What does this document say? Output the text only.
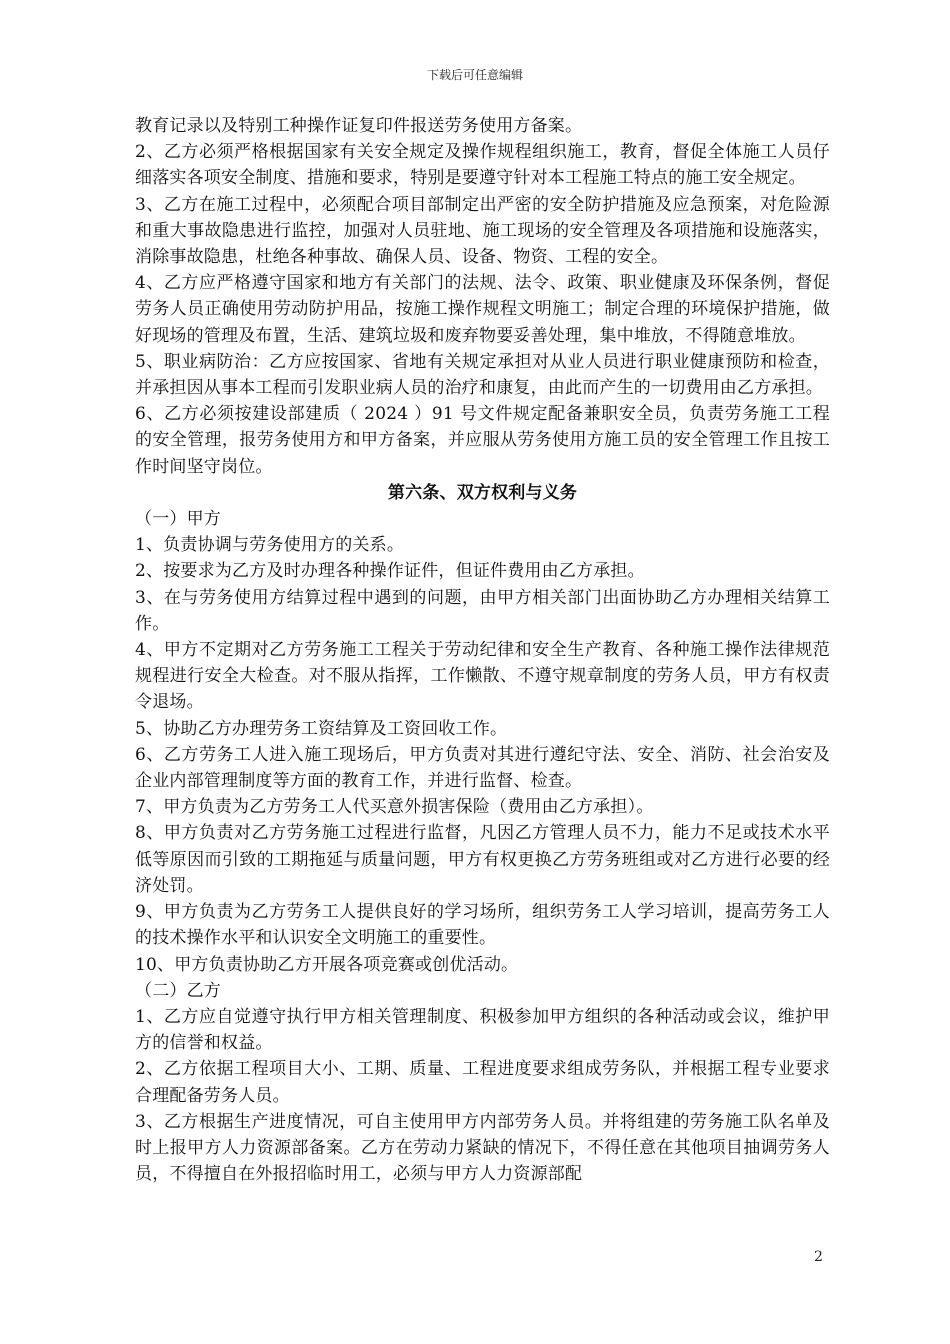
下载后可任意编辑

教育记录以及特别工种操作证复印件报送劳务使用方备案。

2、乙方必须严格根据国家有关安全规定及操作规程组织施工，教育，督促全体施工人员仔细落实各项安全制度、措施和要求，特别是要遵守针对本工程施工特点的施工安全规定。

3、乙方在施工过程中，必须配合项目部制定出严密的安全防护措施及应急预案，对危险源和重大事故隐患进行监控，加强对人员驻地、施工现场的安全管理及各项措施和设施落实，消除事故隐患，杜绝各种事故、确保人员、设备、物资、工程的安全。

4、乙方应严格遵守国家和地方有关部门的法规、法令、政策、职业健康及环保条例，督促劳务人员正确使用劳动防护用品，按施工操作规程文明施工；制定合理的环境保护措施，做好现场的管理及布置，生活、建筑垃圾和废弃物要妥善处理，集中堆放，不得随意堆放。

5、职业病防治：乙方应按国家、省地有关规定承担对从业人员进行职业健康预防和检查，并承担因从事本工程而引发职业病人员的治疗和康复，由此而产生的一切费用由乙方承担。

6、乙方必须按建设部建质（ 2024 ）91 号文件规定配备兼职安全员，负责劳务施工工程的安全管理，报劳务使用方和甲方备案，并应服从劳务使用方施工员的安全管理工作且按工作时间坚守岗位。

第六条、双方权利与义务

（一）甲方

1、负责协调与劳务使用方的关系。

2、按要求为乙方及时办理各种操作证件，但证件费用由乙方承担。

3、在与劳务使用方结算过程中遇到的问题，由甲方相关部门出面协助乙方办理相关结算工作。

4、甲方不定期对乙方劳务施工工程关于劳动纪律和安全生产教育、各种施工操作法律规范规程进行安全大检查。对不服从指挥，工作懒散、不遵守规章制度的劳务人员，甲方有权责令退场。

5、协助乙方办理劳务工资结算及工资回收工作。

6、乙方劳务工人进入施工现场后，甲方负责对其进行遵纪守法、安全、消防、社会治安及企业内部管理制度等方面的教育工作，并进行监督、检查。

7、甲方负责为乙方劳务工人代买意外损害保险（费用由乙方承担）。

8、甲方负责对乙方劳务施工过程进行监督，凡因乙方管理人员不力，能力不足或技术水平低等原因而引致的工期拖延与质量问题，甲方有权更换乙方劳务班组或对乙方进行必要的经济处罚。

9、甲方负责为乙方劳务工人提供良好的学习场所，组织劳务工人学习培训，提高劳务工人的技术操作水平和认识安全文明施工的重要性。

10、甲方负责协助乙方开展各项竞赛或创优活动。

（二）乙方

1、乙方应自觉遵守执行甲方相关管理制度、积极参加甲方组织的各种活动或会议，维护甲方的信誉和权益。

2、乙方依据工程项目大小、工期、质量、工程进度要求组成劳务队，并根据工程专业要求合理配备劳务人员。

3、乙方根据生产进度情况，可自主使用甲方内部劳务人员。并将组建的劳务施工队名单及时上报甲方人力资源部备案。乙方在劳动力紧缺的情况下，不得任意在其他项目抽调劳务人员，不得擅自在外报招临时用工，必须与甲方人力资源部配

2
